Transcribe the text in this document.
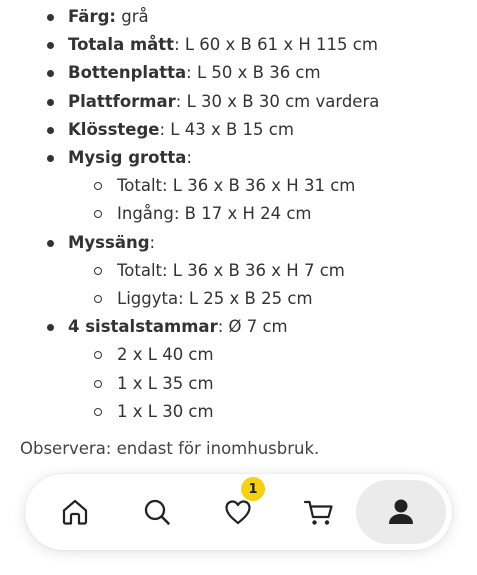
Färg: grå
Totala mått: L 60 x B 61 x H 115 cm
Bottenplatta: L 50 x B 36 cm
Plattformar: L 30 x B 30 cm vardera
Klösstege: L 43 x B 15 cm
Mysig grotta:
Totalt: L 36 x B 36 x H 31 cm
Ingång: B 17 x H 24 cm
Myssäng:
Totalt: L 36 x B 36 x H 7 cm
Liggyta: L 25 x B 25 cm
4 sistalstammar: Ø 7 cm
2 x L 40 cm
1 x L 35 cm
1 x L 30 cm
Observera: endast för inomhusbruk.
1
